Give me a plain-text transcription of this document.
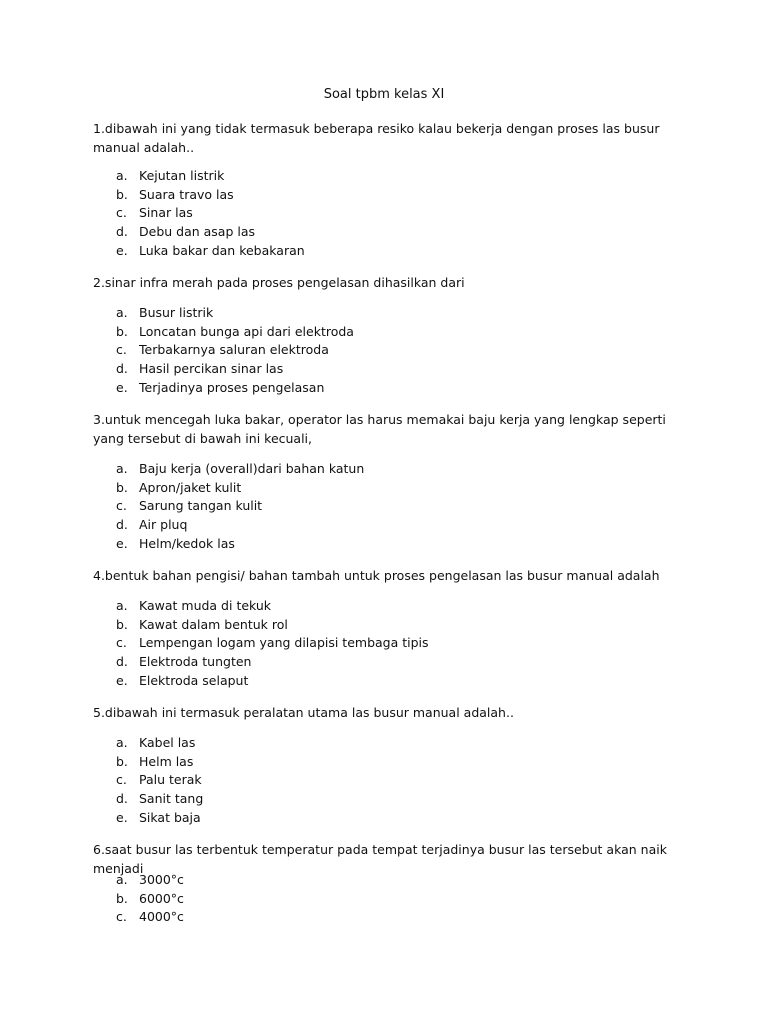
Soal tpbm kelas XI

1.dibawah ini yang tidak termasuk beberapa resiko kalau bekerja dengan proses las busur manual adalah..

a. Kejutan listrik
b. Suara travo las
c. Sinar las
d. Debu dan asap las
e. Luka bakar dan kebakaran

2.sinar infra merah pada proses pengelasan dihasilkan dari

a. Busur listrik
b. Loncatan bunga api dari elektroda
c. Terbakarnya saluran elektroda
d. Hasil percikan sinar las
e. Terjadinya proses pengelasan

3.untuk mencegah luka bakar, operator las harus memakai baju kerja yang lengkap seperti yang tersebut di bawah ini kecuali,

a. Baju kerja (overall)dari bahan katun
b. Apron/jaket kulit
c. Sarung tangan kulit
d. Air pluq
e. Helm/kedok las

4.bentuk bahan pengisi/ bahan tambah untuk proses pengelasan las busur manual adalah

a. Kawat muda di tekuk
b. Kawat dalam bentuk rol
c. Lempengan logam yang dilapisi tembaga tipis
d. Elektroda tungten
e. Elektroda selaput

5.dibawah ini termasuk peralatan utama las busur manual adalah..

a. Kabel las
b. Helm las
c. Palu terak
d. Sanit tang
e. Sikat baja

6.saat busur las terbentuk temperatur pada tempat terjadinya busur las tersebut akan naik menjadi

a. 3000°c
b. 6000°c
c. 4000°c
